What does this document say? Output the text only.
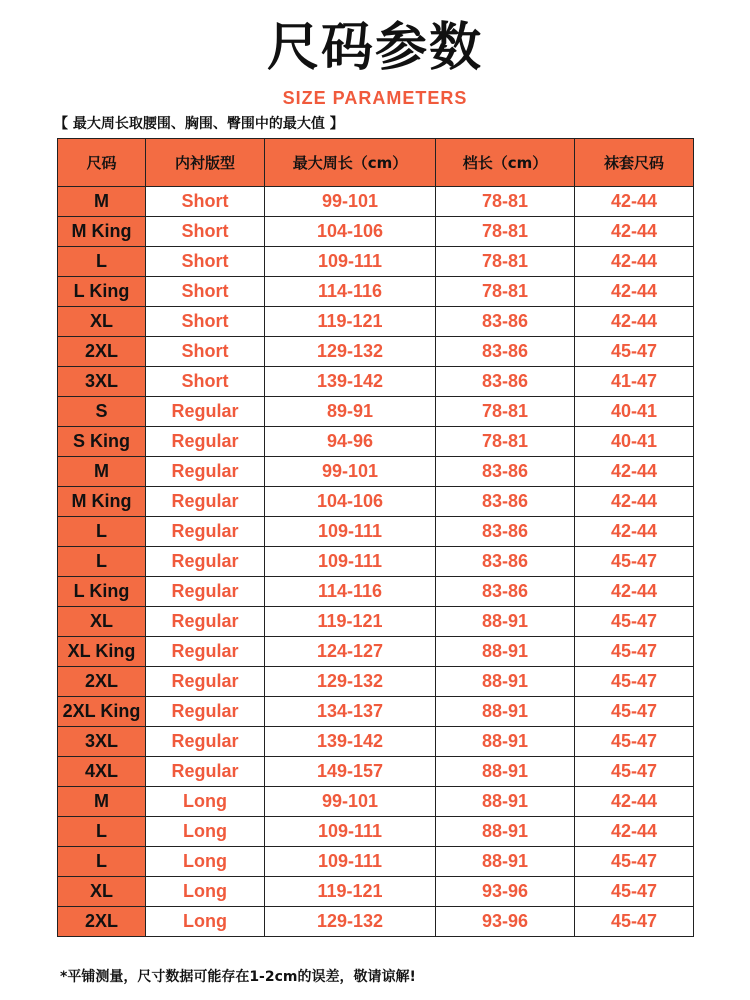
尺码参数
SIZE PARAMETERS
【 最大周长取腰围、胸围、臀围中的最大值 】
尺码	内衬版型	最大周长（cm）	档长（cm）	袜套尺码
M	Short	99-101	78-81	42-44
M King	Short	104-106	78-81	42-44
L	Short	109-111	78-81	42-44
L King	Short	114-116	78-81	42-44
XL	Short	119-121	83-86	42-44
2XL	Short	129-132	83-86	45-47
3XL	Short	139-142	83-86	41-47
S	Regular	89-91	78-81	40-41
S King	Regular	94-96	78-81	40-41
M	Regular	99-101	83-86	42-44
M King	Regular	104-106	83-86	42-44
L	Regular	109-111	83-86	42-44
L	Regular	109-111	83-86	45-47
L King	Regular	114-116	83-86	42-44
XL	Regular	119-121	88-91	45-47
XL King	Regular	124-127	88-91	45-47
2XL	Regular	129-132	88-91	45-47
2XL King	Regular	134-137	88-91	45-47
3XL	Regular	139-142	88-91	45-47
4XL	Regular	149-157	88-91	45-47
M	Long	99-101	88-91	42-44
L	Long	109-111	88-91	42-44
L	Long	109-111	88-91	45-47
XL	Long	119-121	93-96	45-47
2XL	Long	129-132	93-96	45-47
*平铺测量，尺寸数据可能存在1-2cm的误差，敬请谅解!
